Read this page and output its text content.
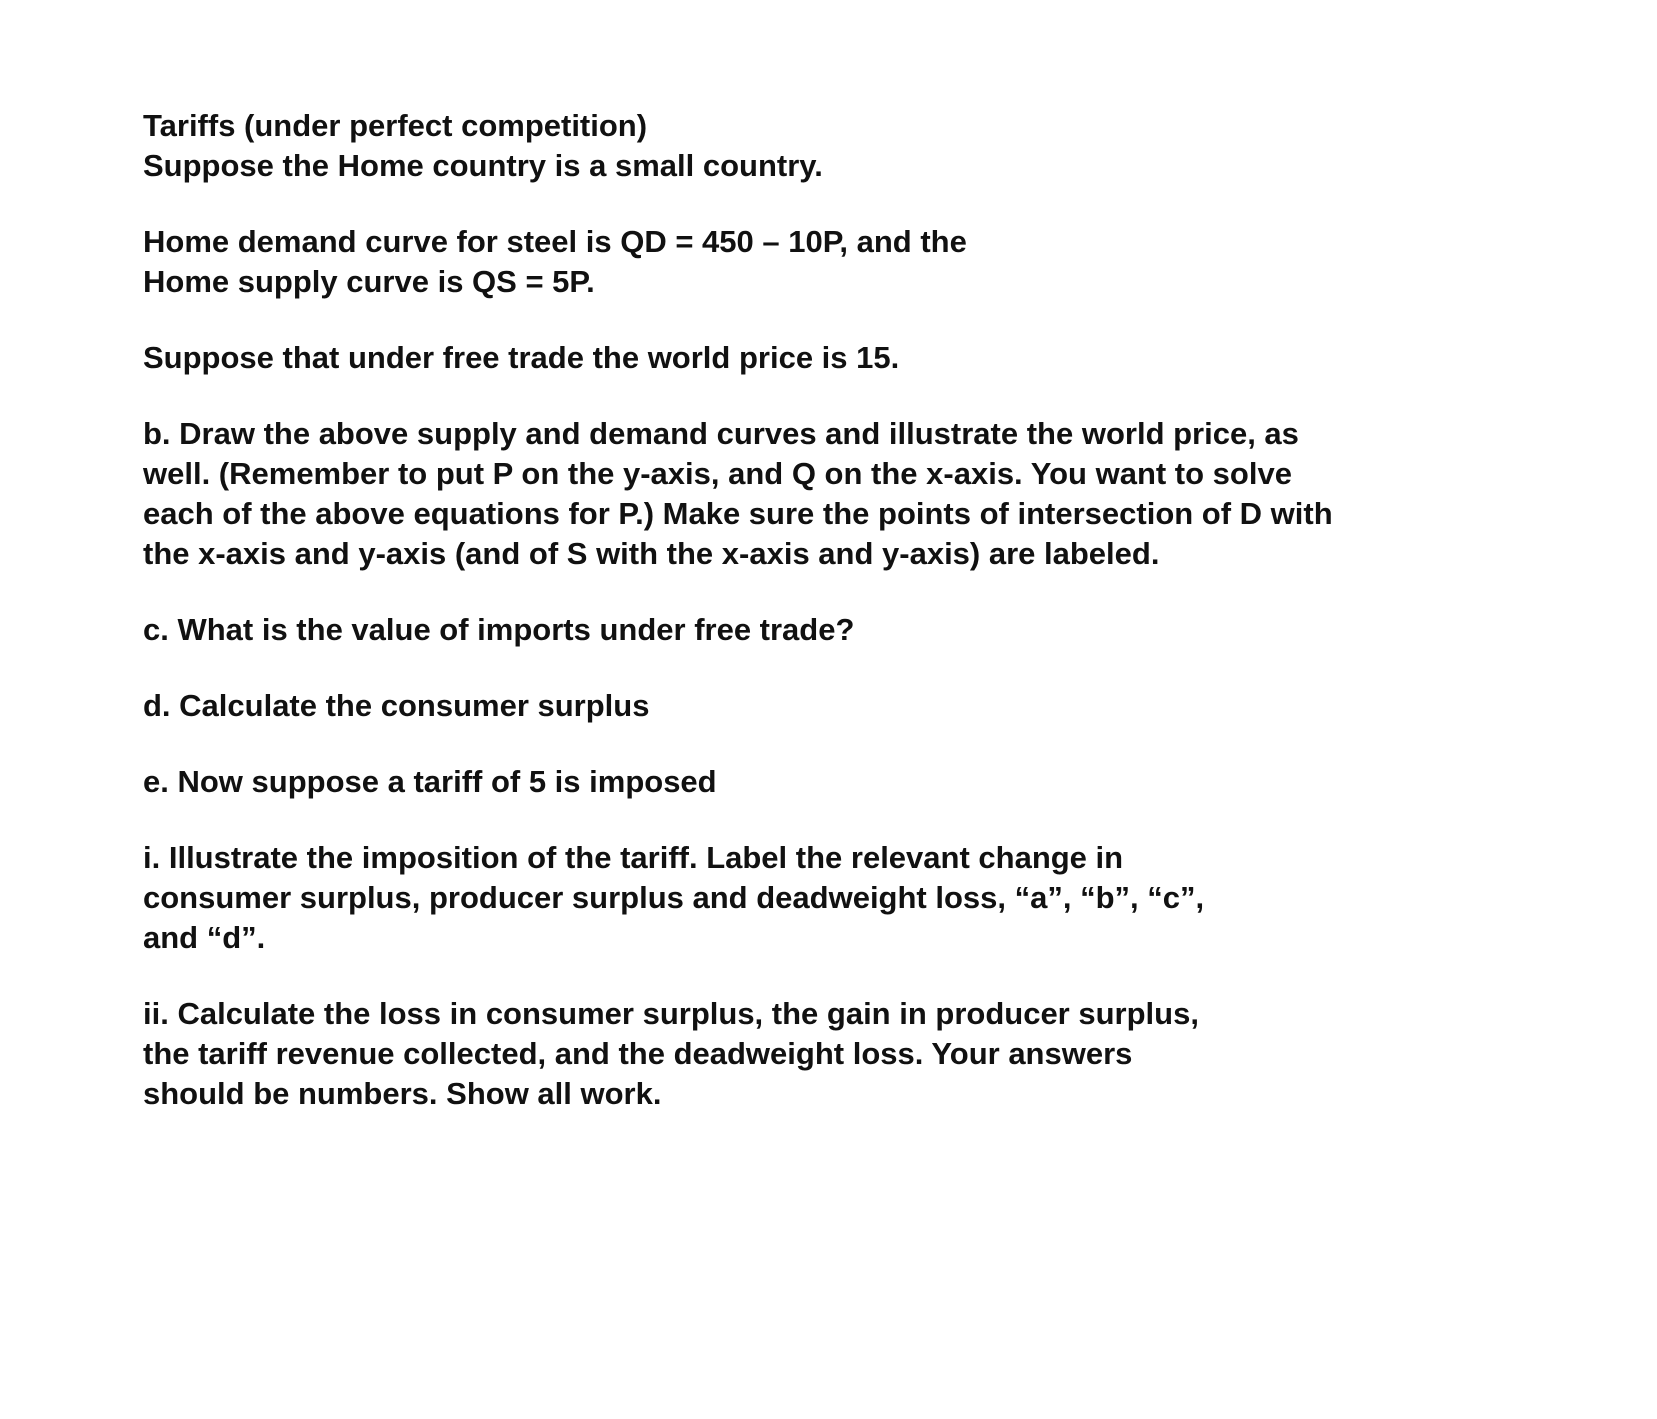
Tariffs (under perfect competition)
Suppose the Home country is a small country.
Home demand curve for steel is QD = 450 – 10P, and the
Home supply curve is QS = 5P.
Suppose that under free trade the world price is 15.
b. Draw the above supply and demand curves and illustrate the world price, as
well. (Remember to put P on the y-axis, and Q on the x-axis. You want to solve
each of the above equations for P.) Make sure the points of intersection of D with
the x-axis and y-axis (and of S with the x-axis and y-axis) are labeled.
c. What is the value of imports under free trade?
d. Calculate the consumer surplus
e. Now suppose a tariff of 5 is imposed
i. Illustrate the imposition of the tariff. Label the relevant change in
consumer surplus, producer surplus and deadweight loss, “a”, “b”, “c”,
and “d”.
ii. Calculate the loss in consumer surplus, the gain in producer surplus,
the tariff revenue collected, and the deadweight loss. Your answers
should be numbers. Show all work.
